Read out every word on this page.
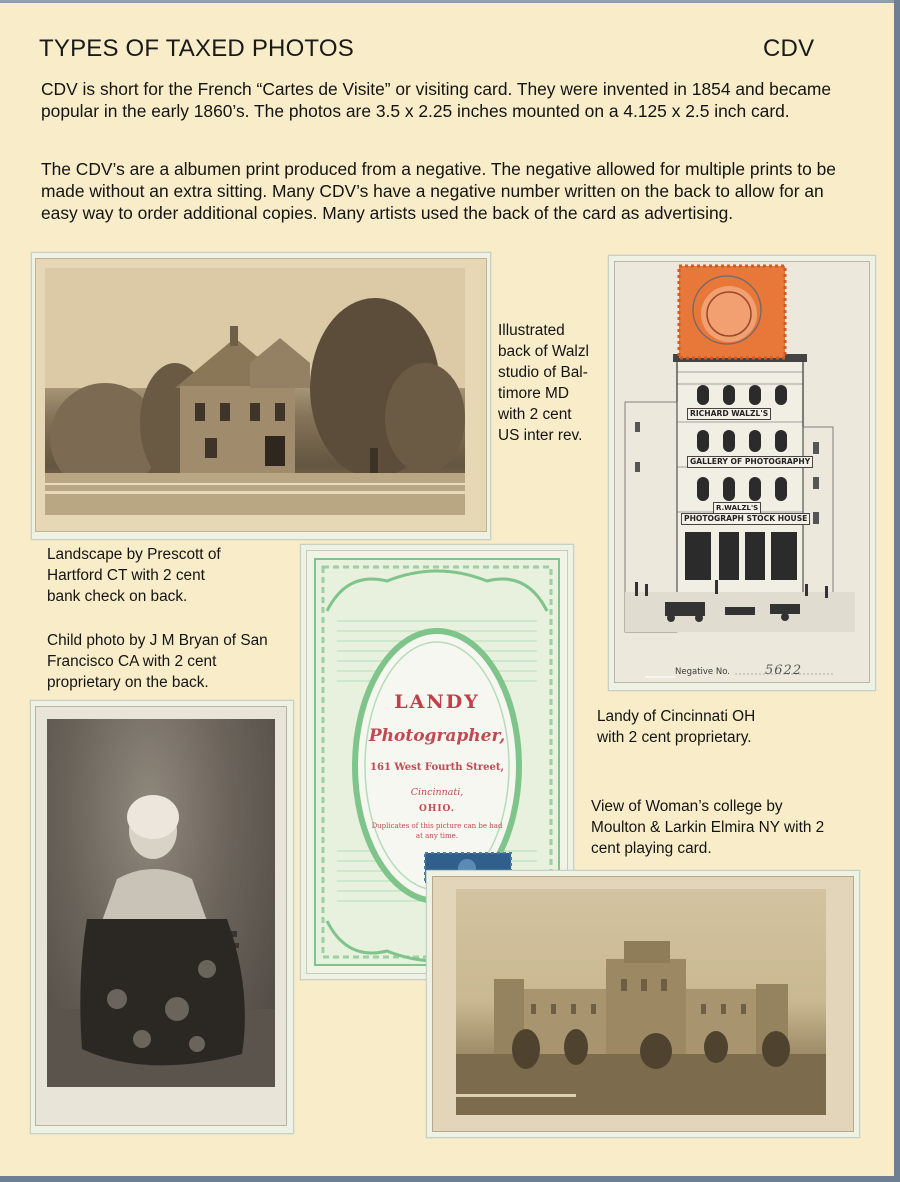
TYPES OF TAXED PHOTOS	CDV

CDV is short for the French “Cartes de Visite” or visiting card. They were invented in 1854 and became popular in the early 1860’s. The photos are 3.5 x 2.25 inches mounted on a 4.125 x 2.5 inch card.

The CDV’s are a albumen print produced from a negative. The negative allowed for multiple prints to be made without an extra sitting. Many CDV’s have a negative number written on the back to allow for an easy way to order additional copies. Many artists used the back of the card as advertising.

Illustrated
back of Walzl
studio of Bal-
timore MD
with 2 cent
US inter rev.
RICHARD WALZL'S
GALLERY OF PHOTOGRAPHY
R.WALZL'S
PHOTOGRAPH STOCK HOUSE
Negative No.	5622
Landscape by Prescott of
Hartford CT with 2 cent
bank check on back.
Child photo by J M Bryan of San
Francisco CA with 2 cent
proprietary on the back.
LANDY
Photographer,
161 West Fourth Street,
Cincinnati,
OHIO.
Duplicates of this picture can be had at any time.
Landy of Cincinnati OH
with 2 cent proprietary.
View of Woman’s college by
Moulton & Larkin Elmira NY with 2
cent playing card.
